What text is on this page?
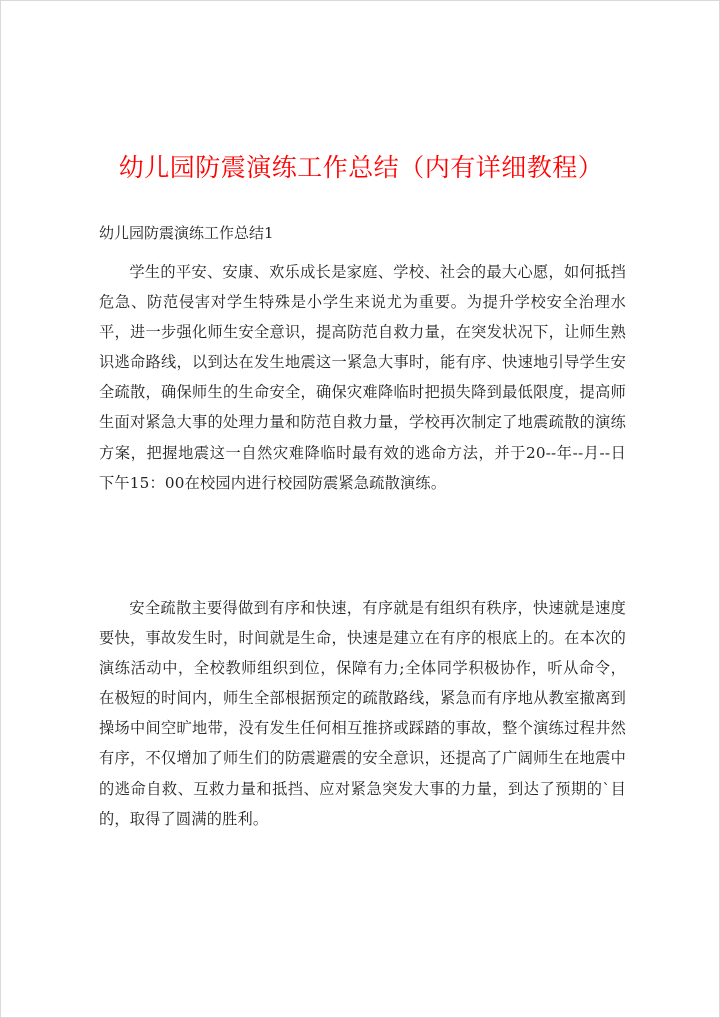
幼儿园防震演练工作总结（内有详细教程）

幼儿园防震演练工作总结1

学生的平安、安康、欢乐成长是家庭、学校、社会的最大心愿，如何抵挡危急、防范侵害对学生特殊是小学生来说尤为重要。为提升学校安全治理水平，进一步强化师生安全意识，提高防范自救力量，在突发状况下，让师生熟识逃命路线，以到达在发生地震这一紧急大事时，能有序、快速地引导学生安全疏散，确保师生的生命安全，确保灾难降临时把损失降到最低限度，提高师生面对紧急大事的处理力量和防范自救力量，学校再次制定了地震疏散的演练方案，把握地震这一自然灾难降临时最有效的逃命方法，并于20--年--月--日下午15：00在校园内进行校园防震紧急疏散演练。

安全疏散主要得做到有序和快速，有序就是有组织有秩序，快速就是速度要快，事故发生时，时间就是生命，快速是建立在有序的根底上的。在本次的演练活动中，全校教师组织到位，保障有力;全体同学积极协作，听从命令，在极短的时间内，师生全部根据预定的疏散路线，紧急而有序地从教室撤离到操场中间空旷地带，没有发生任何相互推挤或踩踏的事故，整个演练过程井然有序，不仅增加了师生们的防震避震的安全意识，还提高了广阔师生在地震中的逃命自救、互救力量和抵挡、应对紧急突发大事的力量，到达了预期的`目的，取得了圆满的胜利。
